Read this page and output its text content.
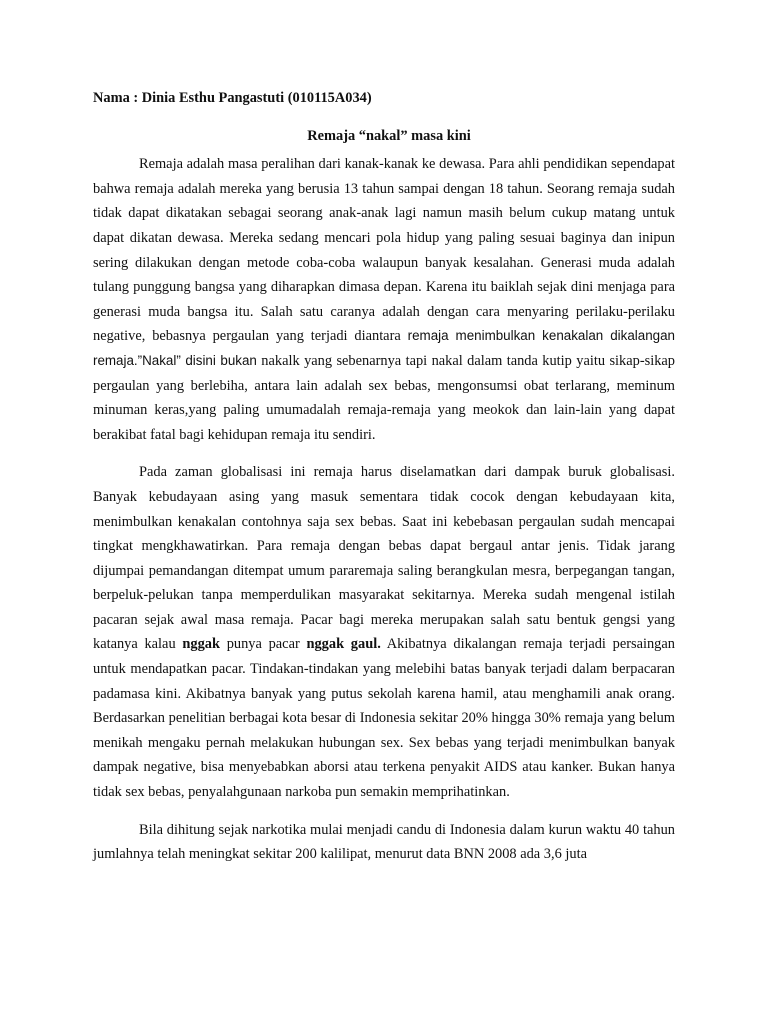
Nama : Dinia Esthu Pangastuti (010115A034)

Remaja “nakal” masa kini

Remaja adalah masa peralihan dari kanak-kanak ke dewasa. Para ahli pendidikan sependapat bahwa remaja adalah mereka yang berusia 13 tahun sampai dengan 18 tahun. Seorang remaja sudah tidak dapat dikatakan sebagai seorang anak-anak lagi namun masih belum cukup matang untuk dapat dikatan dewasa. Mereka sedang mencari pola hidup yang paling sesuai baginya dan inipun sering dilakukan dengan metode coba-coba walaupun banyak kesalahan. Generasi muda adalah tulang punggung bangsa yang diharapkan dimasa depan. Karena itu baiklah sejak dini menjaga para generasi muda bangsa itu. Salah satu caranya adalah dengan cara menyaring perilaku-perilaku negative, bebasnya pergaulan yang terjadi diantara remaja menimbulkan kenakalan dikalangan remaja.”Nakal” disini bukan nakalk yang sebenarnya tapi nakal dalam tanda kutip yaitu sikap-sikap pergaulan yang berlebiha, antara lain adalah sex bebas, mengonsumsi obat terlarang, meminum minuman keras,yang paling umumadalah remaja-remaja yang meokok dan lain-lain yang dapat berakibat fatal bagi kehidupan remaja itu sendiri.

Pada zaman globalisasi ini remaja harus diselamatkan dari dampak buruk globalisasi. Banyak kebudayaan asing yang masuk sementara tidak cocok dengan kebudayaan kita, menimbulkan kenakalan contohnya saja sex bebas. Saat ini kebebasan pergaulan sudah mencapai tingkat mengkhawatirkan. Para remaja dengan bebas dapat bergaul antar jenis. Tidak jarang dijumpai pemandangan ditempat umum pararemaja saling berangkulan mesra, berpegangan tangan, berpeluk-pelukan tanpa memperdulikan masyarakat sekitarnya. Mereka sudah mengenal istilah pacaran sejak awal masa remaja. Pacar bagi mereka merupakan salah satu bentuk gengsi yang katanya kalau nggak punya pacar nggak gaul. Akibatnya dikalangan remaja terjadi persaingan untuk mendapatkan pacar. Tindakan-tindakan yang melebihi batas banyak terjadi dalam berpacaran padamasa kini. Akibatnya banyak yang putus sekolah karena hamil, atau menghamili anak orang. Berdasarkan penelitian berbagai kota besar di Indonesia sekitar 20% hingga 30% remaja yang belum menikah mengaku pernah melakukan hubungan sex. Sex bebas yang terjadi menimbulkan banyak dampak negative, bisa menyebabkan aborsi atau terkena penyakit AIDS atau kanker. Bukan hanya tidak sex bebas, penyalahgunaan narkoba pun semakin memprihatinkan.

Bila dihitung sejak narkotika mulai menjadi candu di Indonesia dalam kurun waktu 40 tahun jumlahnya telah meningkat sekitar 200 kalilipat, menurut data BNN 2008 ada 3,6 juta
